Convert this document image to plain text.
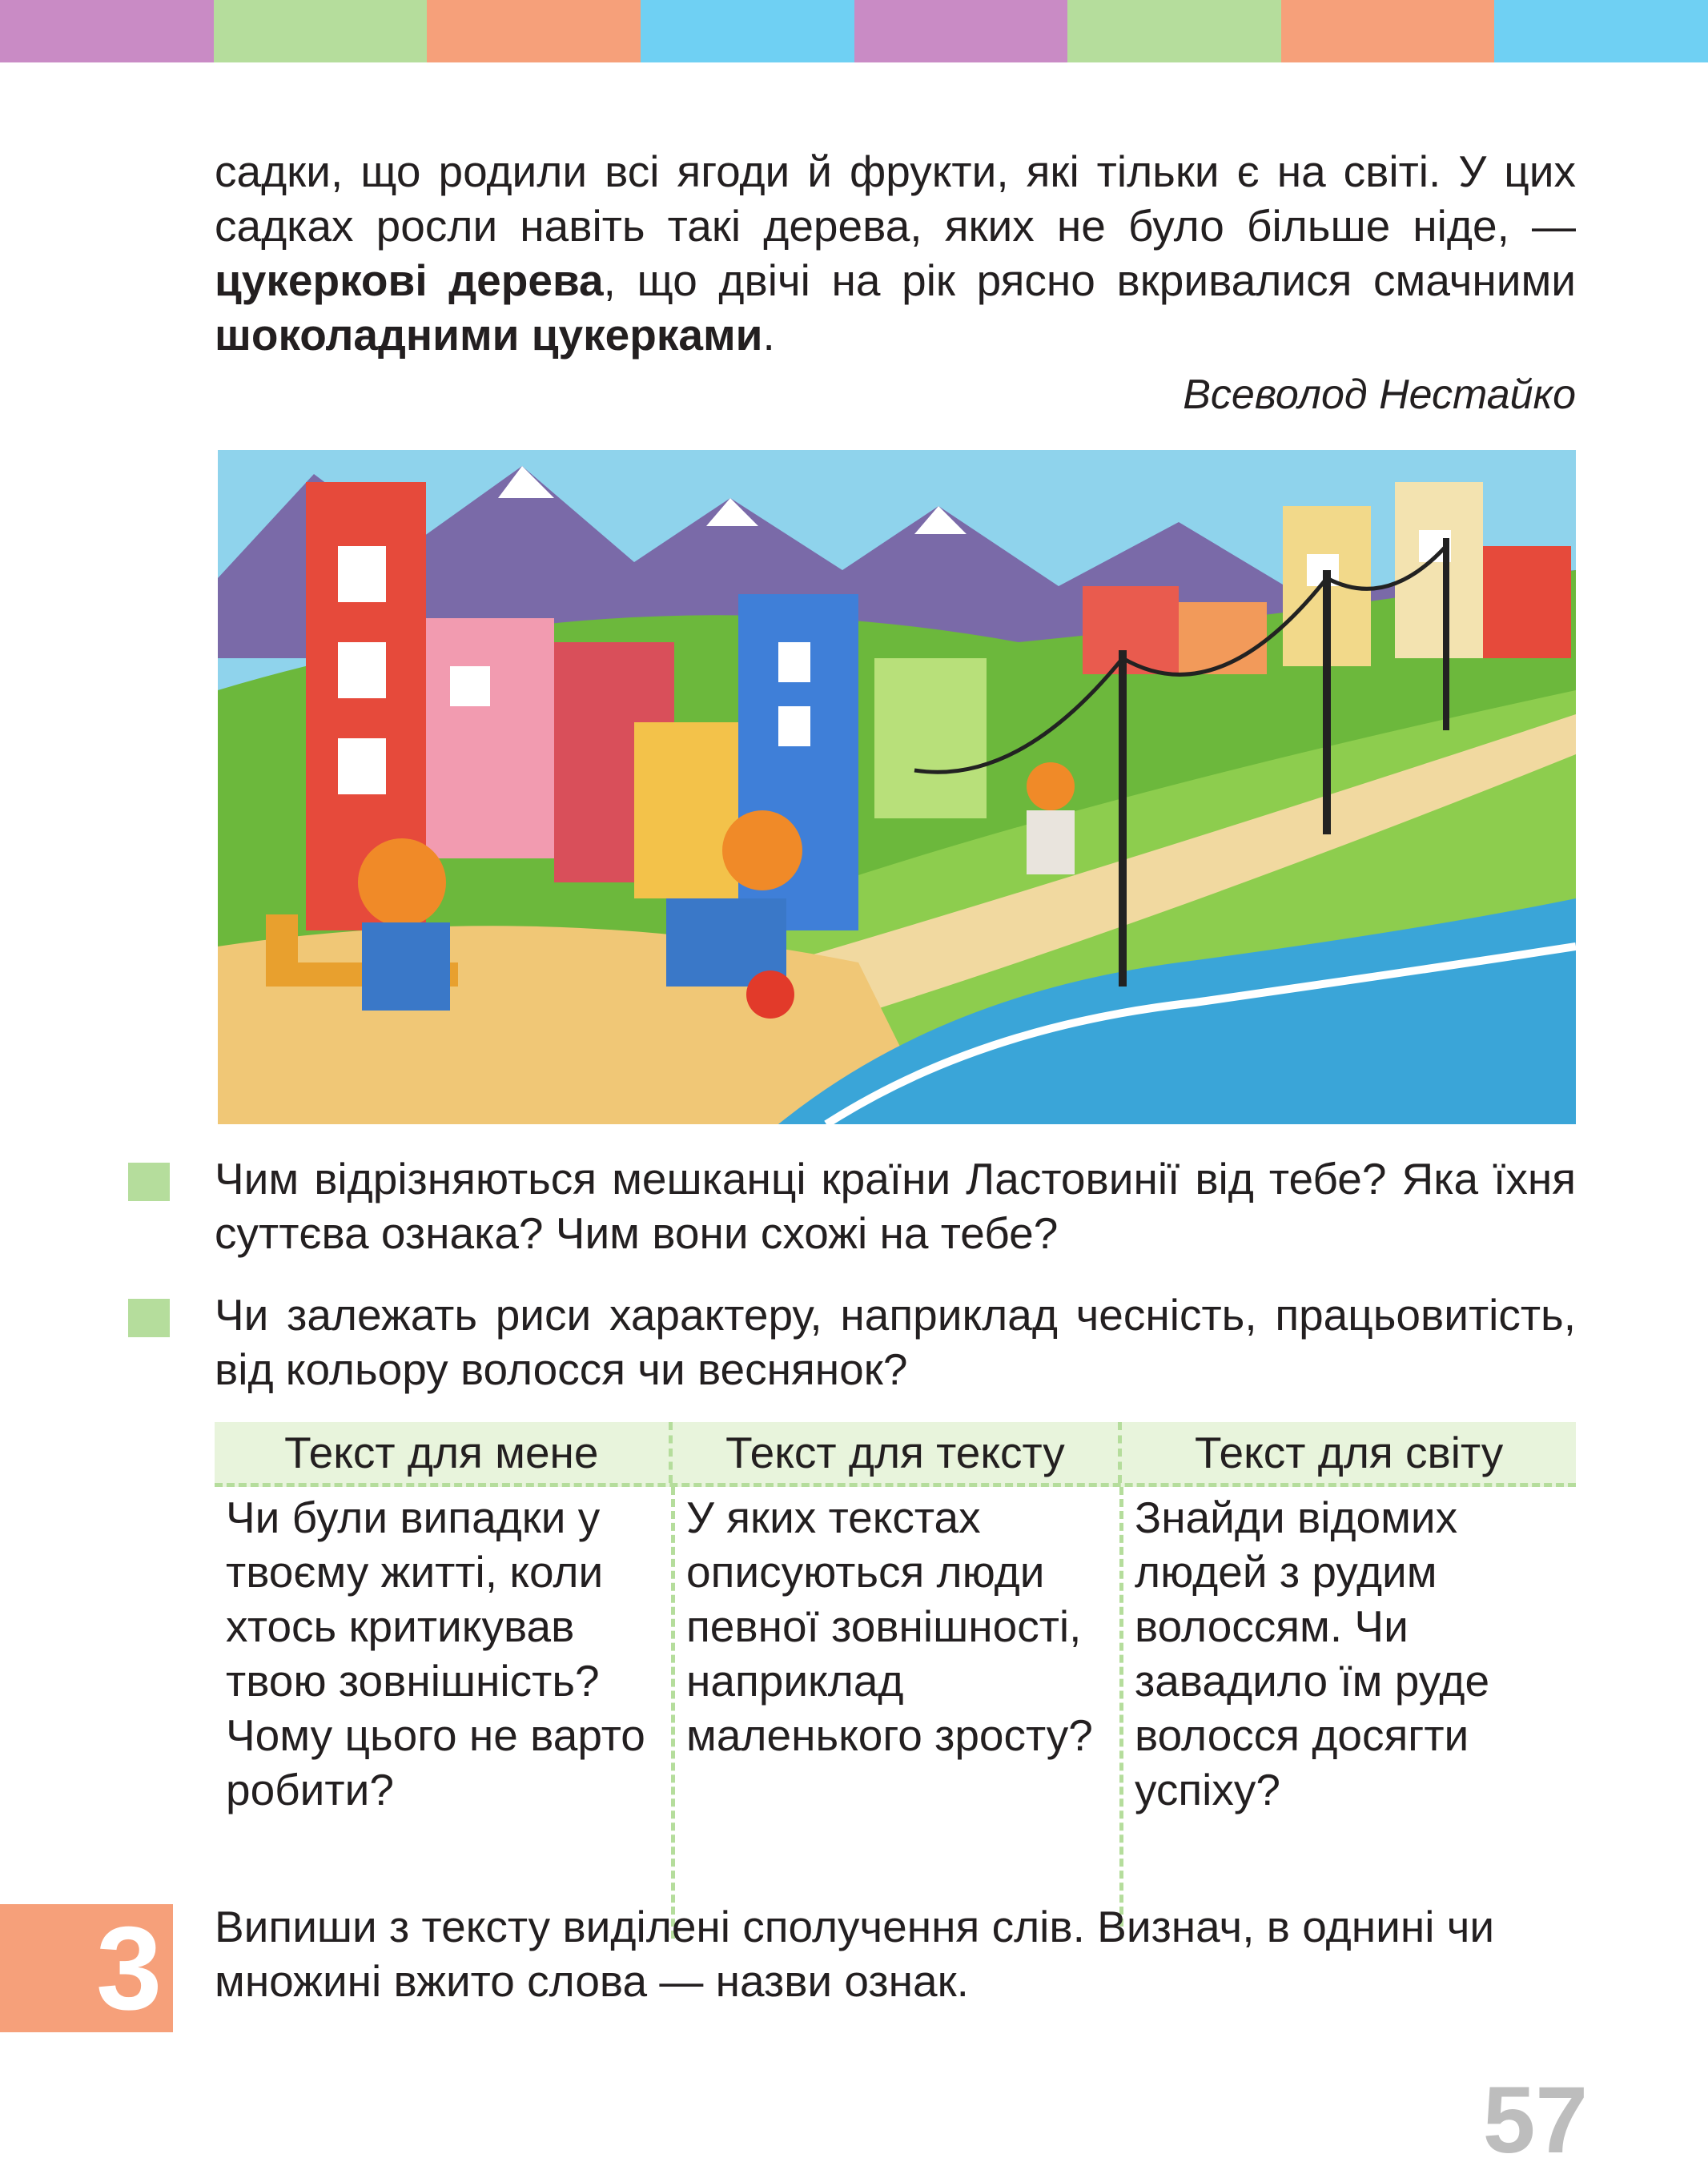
садки, що родили всі ягоди й фрукти, які тільки є на світі. У цих садках росли навіть такі дерева, яких не було більше ніде, — цукеркові дерева, що двічі на рік рясно вкривалися смачними шоколадними цукерками.
Всеволод Нестайко
Чим відрізняються мешканці країни Ластовинії від тебе? Яка їхня суттєва ознака? Чим вони схожі на тебе?
Чи залежать риси характеру, наприклад чесність, працьовитість, від кольору волосся чи веснянок?
Текст для мене	Текст для тексту	Текст для світу
Чи були випадки у твоєму житті, коли хтось критикував твою зовнішність? Чому цього не варто робити?
У яких текстах описуються люди певної зовнішності, наприклад маленького зросту?
Знайди відомих людей з рудим волоссям. Чи завадило їм руде волосся досягти успіху?
3 Випиши з тексту виділені сполучення слів. Визнач, в однині чи множині вжито слова — назви ознак.
57
